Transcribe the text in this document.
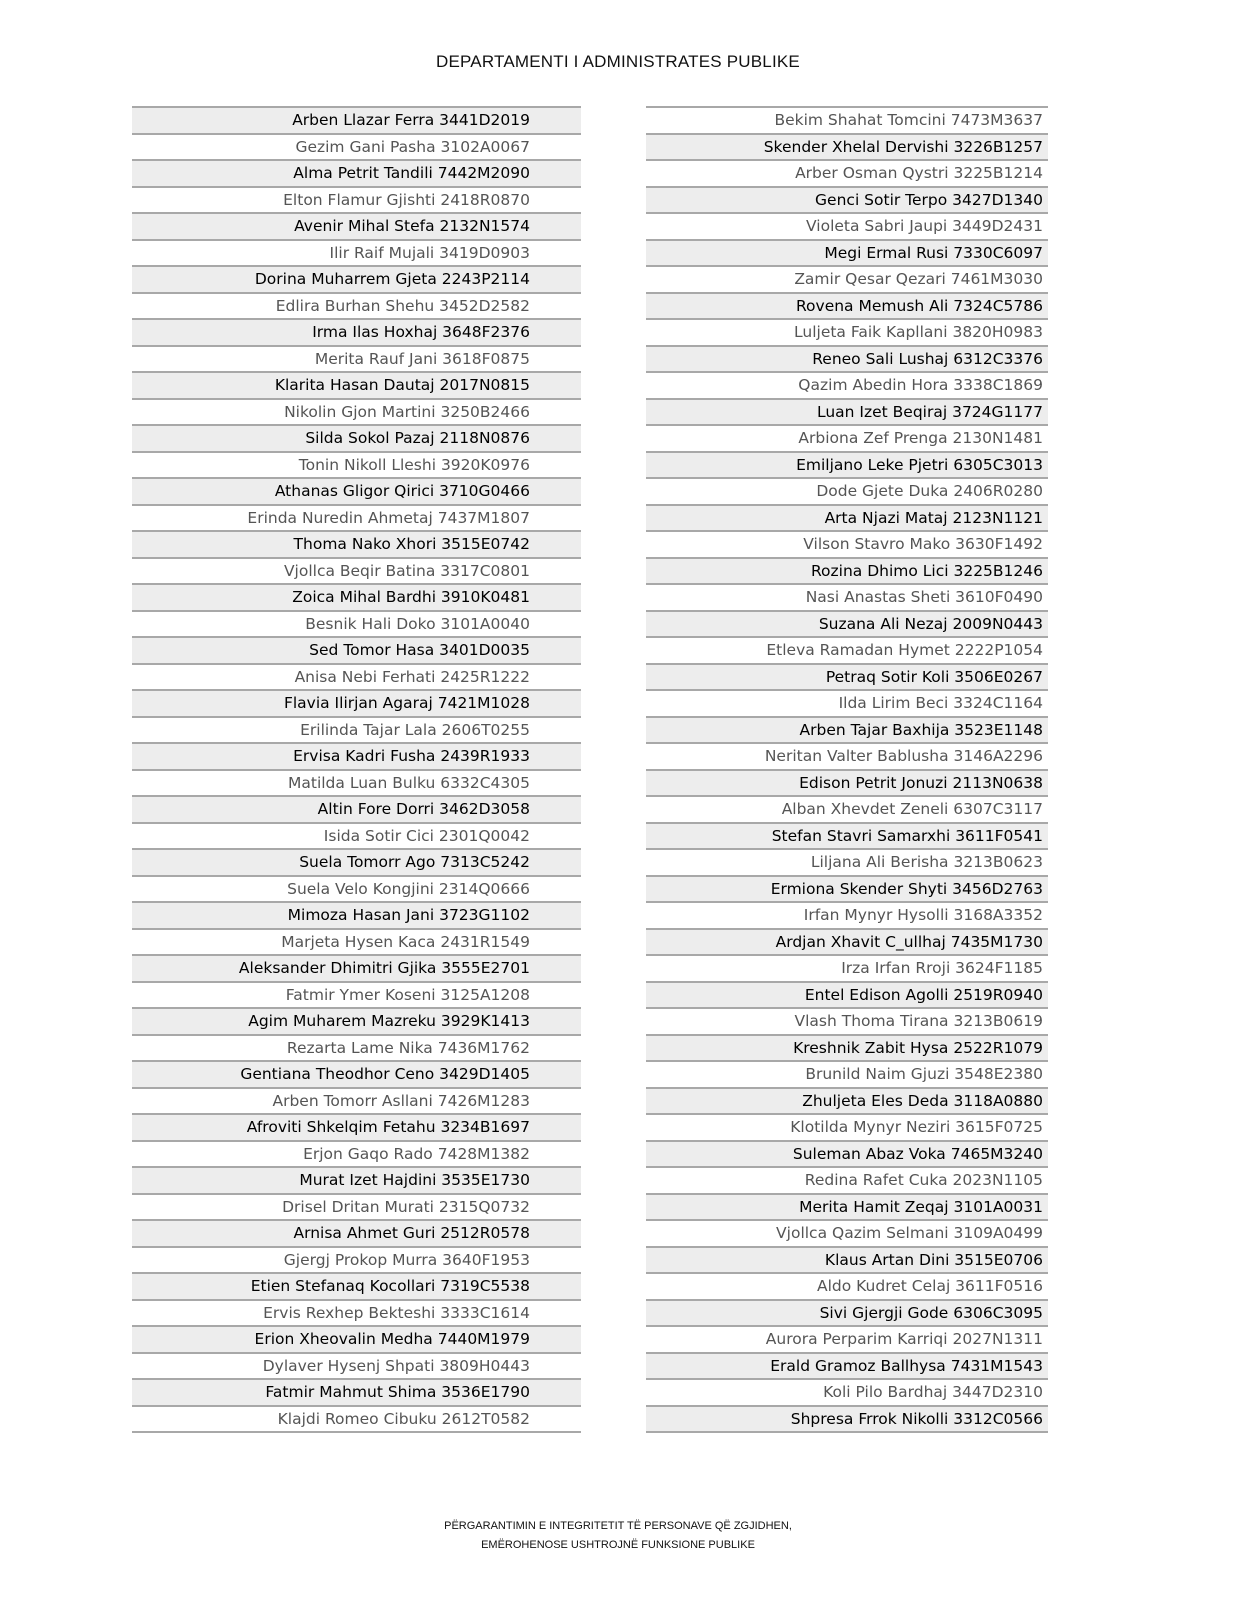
DEPARTAMENTI I ADMINISTRATES PUBLIKE
Arben Llazar Ferra 3441D2019
Gezim Gani Pasha 3102A0067
Alma Petrit Tandili 7442M2090
Elton Flamur Gjishti 2418R0870
Avenir Mihal Stefa 2132N1574
Ilir Raif Mujali 3419D0903
Dorina Muharrem Gjeta 2243P2114
Edlira Burhan Shehu 3452D2582
Irma Ilas Hoxhaj 3648F2376
Merita Rauf Jani 3618F0875
Klarita Hasan Dautaj 2017N0815
Nikolin Gjon Martini 3250B2466
Silda Sokol Pazaj 2118N0876
Tonin Nikoll Lleshi 3920K0976
Athanas Gligor Qirici 3710G0466
Erinda Nuredin Ahmetaj 7437M1807
Thoma Nako Xhori 3515E0742
Vjollca Beqir Batina 3317C0801
Zoica Mihal Bardhi 3910K0481
Besnik Hali Doko 3101A0040
Sed Tomor Hasa 3401D0035
Anisa Nebi Ferhati 2425R1222
Flavia Ilirjan Agaraj 7421M1028
Erilinda Tajar Lala 2606T0255
Ervisa Kadri Fusha 2439R1933
Matilda Luan Bulku 6332C4305
Altin Fore Dorri 3462D3058
Isida Sotir Cici 2301Q0042
Suela Tomorr Ago 7313C5242
Suela Velo Kongjini 2314Q0666
Mimoza Hasan Jani 3723G1102
Marjeta Hysen Kaca 2431R1549
Aleksander Dhimitri Gjika 3555E2701
Fatmir Ymer Koseni 3125A1208
Agim Muharem Mazreku 3929K1413
Rezarta Lame Nika 7436M1762
Gentiana Theodhor Ceno 3429D1405
Arben Tomorr Asllani 7426M1283
Afroviti Shkelqim Fetahu 3234B1697
Erjon Gaqo Rado 7428M1382
Murat Izet Hajdini 3535E1730
Drisel Dritan Murati 2315Q0732
Arnisa Ahmet Guri 2512R0578
Gjergj Prokop Murra 3640F1953
Etien Stefanaq Kocollari 7319C5538
Ervis Rexhep Bekteshi 3333C1614
Erion Xheovalin Medha 7440M1979
Dylaver Hysenj Shpati 3809H0443
Fatmir Mahmut Shima 3536E1790
Klajdi Romeo Cibuku 2612T0582
Bekim Shahat Tomcini 7473M3637
Skender Xhelal Dervishi 3226B1257
Arber Osman Qystri 3225B1214
Genci Sotir Terpo 3427D1340
Violeta Sabri Jaupi 3449D2431
Megi Ermal Rusi 7330C6097
Zamir Qesar Qezari 7461M3030
Rovena Memush Ali 7324C5786
Luljeta Faik Kapllani 3820H0983
Reneo Sali Lushaj 6312C3376
Qazim Abedin Hora 3338C1869
Luan Izet Beqiraj 3724G1177
Arbiona Zef Prenga 2130N1481
Emiljano Leke Pjetri 6305C3013
Dode Gjete Duka 2406R0280
Arta Njazi Mataj 2123N1121
Vilson Stavro Mako 3630F1492
Rozina Dhimo Lici 3225B1246
Nasi Anastas Sheti 3610F0490
Suzana Ali Nezaj 2009N0443
Etleva Ramadan Hymet 2222P1054
Petraq Sotir Koli 3506E0267
Ilda Lirim Beci 3324C1164
Arben Tajar Baxhija 3523E1148
Neritan Valter Bablusha 3146A2296
Edison Petrit Jonuzi 2113N0638
Alban Xhevdet Zeneli 6307C3117
Stefan Stavri Samarxhi 3611F0541
Liljana Ali Berisha 3213B0623
Ermiona Skender Shyti 3456D2763
Irfan Mynyr Hysolli 3168A3352
Ardjan Xhavit C_ullhaj 7435M1730
Irza Irfan Rroji 3624F1185
Entel Edison Agolli 2519R0940
Vlash Thoma Tirana 3213B0619
Kreshnik Zabit Hysa 2522R1079
Brunild Naim Gjuzi 3548E2380
Zhuljeta Eles Deda 3118A0880
Klotilda Mynyr Neziri 3615F0725
Suleman Abaz Voka 7465M3240
Redina Rafet Cuka 2023N1105
Merita Hamit Zeqaj 3101A0031
Vjollca Qazim Selmani 3109A0499
Klaus Artan Dini 3515E0706
Aldo Kudret Celaj 3611F0516
Sivi Gjergji Gode 6306C3095
Aurora Perparim Karriqi 2027N1311
Erald Gramoz Ballhysa 7431M1543
Koli Pilo Bardhaj 3447D2310
Shpresa Frrok Nikolli 3312C0566
PËRGARANTIMIN E INTEGRITETIT TË PERSONAVE QË ZGJIDHEN,
EMËROHENOSE USHTROJNË FUNKSIONE PUBLIKE
